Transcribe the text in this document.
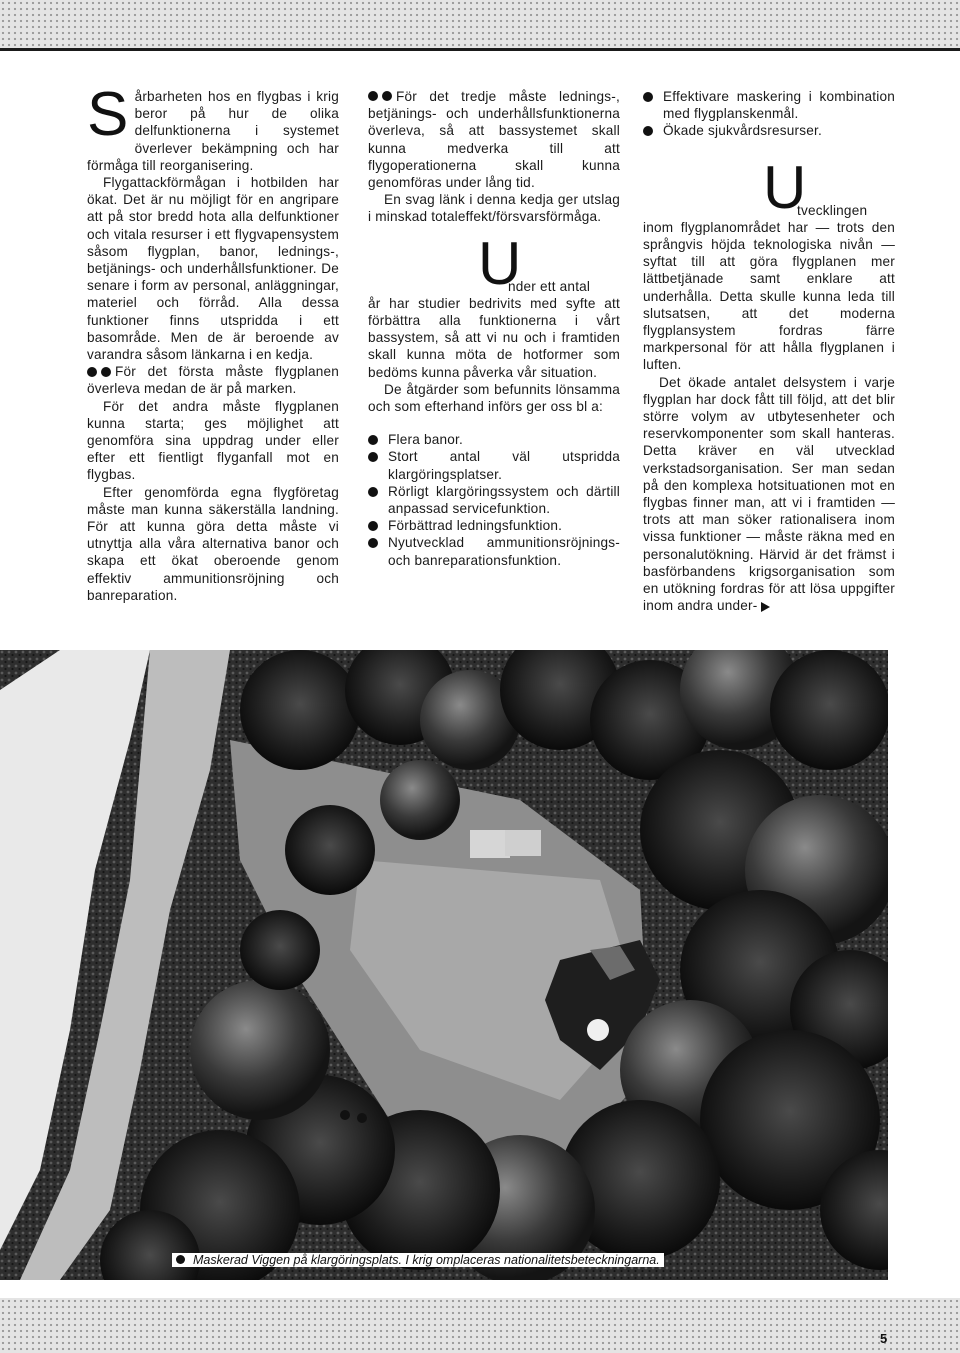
Sårbarheten hos en flygbas i krig beror på hur de olika delfunktionerna i systemet överlever bekämpning och har förmåga till reorganisering.

Flygattackförmågan i hotbilden har ökat. Det är nu möjligt för en angripare att på stor bredd hota alla delfunktioner och vitala resurser i ett flygvapensystem såsom flygplan, banor, lednings-, betjänings- och underhållsfunktioner. De senare i form av personal, anläggningar, materiel och förråd. Alla dessa funktioner finns utspridda i ett basområde. Men de är beroende av varandra såsom länkarna i en kedja.

För det första måste flygplanen överleva medan de är på marken.

För det andra måste flygplanen kunna starta; ges möjlighet att genomföra sina uppdrag under eller efter ett fientligt flyganfall mot en flygbas.

Efter genomförda egna flygföretag måste man kunna säkerställa landning. För att kunna göra detta måste vi utnyttja alla våra alternativa banor och skapa ett ökat oberoende genom effektiv ammunitionsröjning och banreparation.

För det tredje måste lednings-, betjänings- och underhållsfunktionerna överleva, så att bassystemet skall kunna medverka till att flygoperationerna skall kunna genomföras under lång tid.

En svag länk i denna kedja ger utslag i minskad totaleffekt/försvarsförmåga.

U
nder ett antal

år har studier bedrivits med syfte att förbättra alla funktionerna i vårt bassystem, så att vi nu och i framtiden skall kunna möta de hotformer som bedöms kunna påverka vår situation.

De åtgärder som befunnits lönsamma och som efterhand införs ger oss bl a:

Flera banor.
Stort antal väl utspridda klargöringsplatser.
Rörligt klargöringssystem och därtill anpassad servicefunktion.
Förbättrad ledningsfunktion.
Nyutvecklad ammunitionsröjnings- och banreparationsfunktion.
Effektivare maskering i kombination med flygplanskenmål.
Ökade sjukvårdsresurser.
U
tvecklingen

inom flygplanområdet har — trots den språngvis höjda teknologiska nivån — syftat till att göra flygplanen mer lättbetjänade samt enklare att underhålla. Detta skulle kunna leda till slutsatsen, att det moderna flygplansystem fordras färre markpersonal för att hålla flygplanen i luften.

Det ökade antalet delsystem i varje flygplan har dock fått till följd, att det blir större volym av utbytesenheter och reservkomponenter som skall hanteras. Detta kräver en väl utvecklad verkstadsorganisation. Ser man sedan på den komplexa hotsituationen mot en flygbas finner man, att vi i framtiden — trots att man söker rationalisera inom vissa funktioner — måste räkna med en personalutökning. Härvid är det främst i basförbandens krigsorganisation som en utökning fordras för att lösa uppgifter inom andra under-

Maskerad Viggen på klargöringsplats. I krig omplaceras nationalitetsbeteckningarna.
5
